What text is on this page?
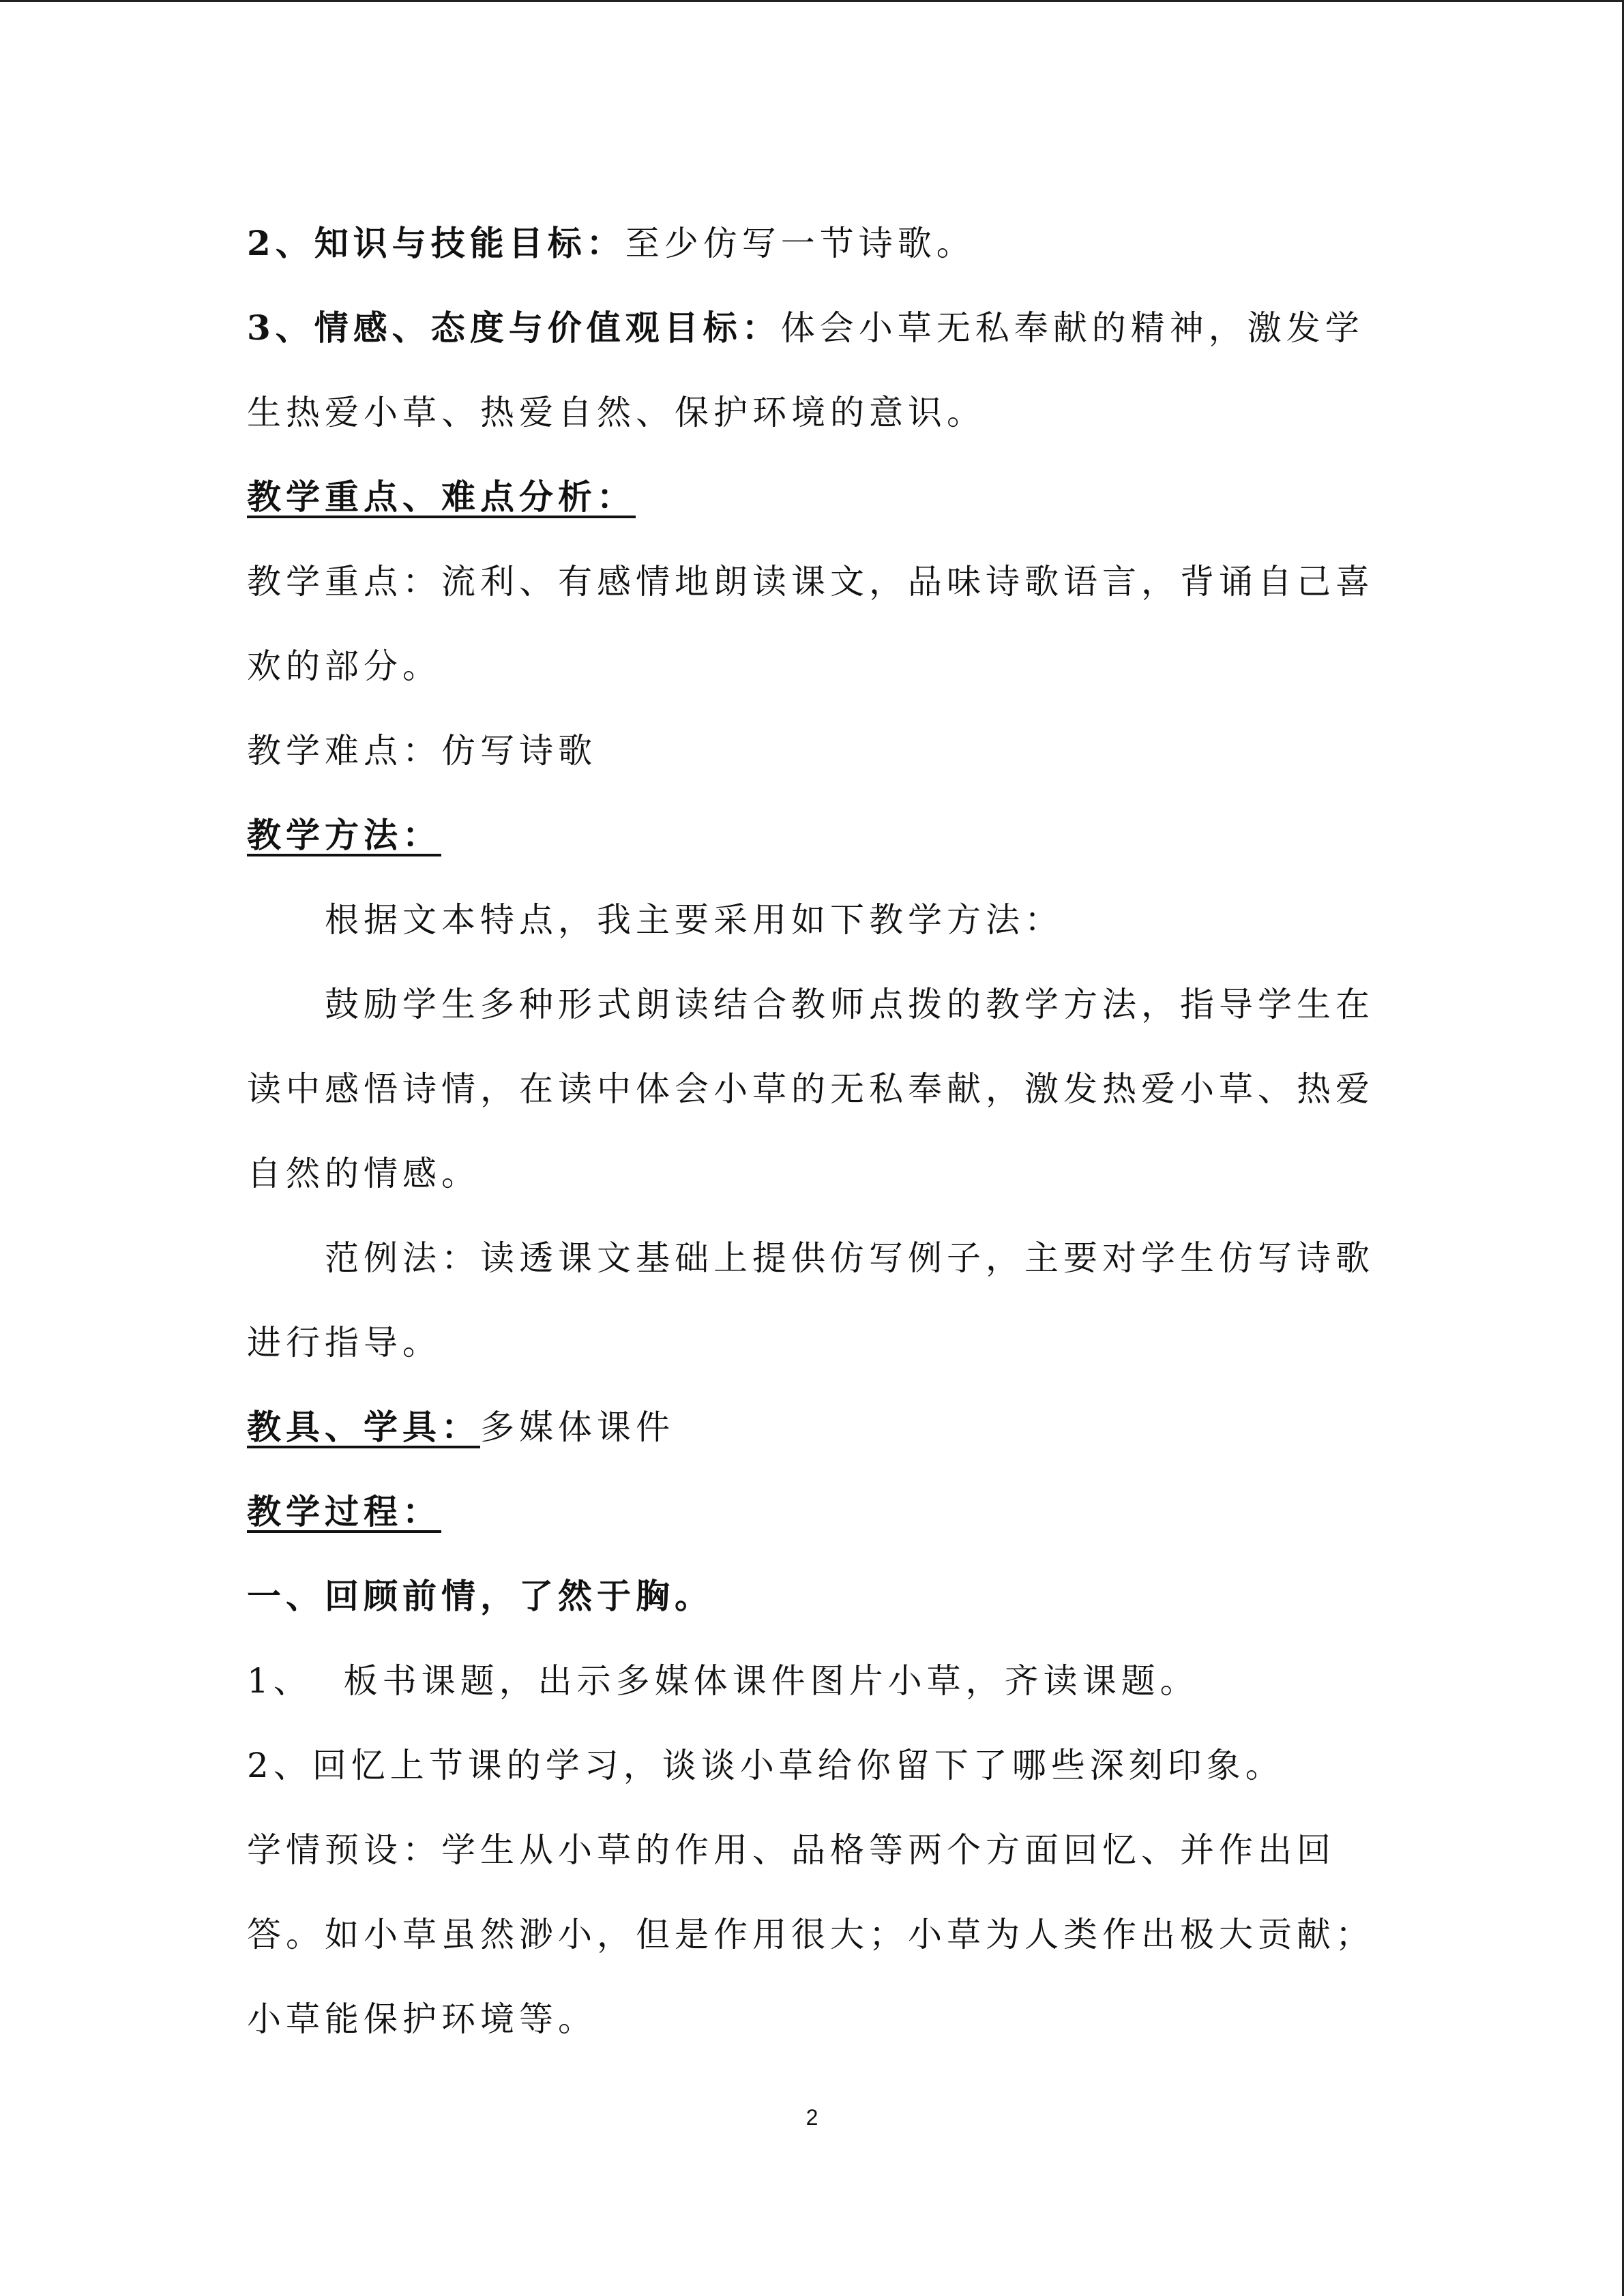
2、知识与技能目标：至少仿写一节诗歌。

3、情感、态度与价值观目标：体会小草无私奉献的精神，激发学生热爱小草、热爱自然、保护环境的意识。

教学重点、难点分析：

教学重点：流利、有感情地朗读课文，品味诗歌语言，背诵自己喜欢的部分。

教学难点：仿写诗歌

教学方法：

根据文本特点，我主要采用如下教学方法：

鼓励学生多种形式朗读结合教师点拨的教学方法，指导学生在读中感悟诗情，在读中体会小草的无私奉献，激发热爱小草、热爱自然的情感。

范例法：读透课文基础上提供仿写例子，主要对学生仿写诗歌进行指导。

教具、学具：多媒体课件

教学过程：

一、回顾前情，了然于胸。

1、  板书课题，出示多媒体课件图片小草，齐读课题。

2、回忆上节课的学习，谈谈小草给你留下了哪些深刻印象。

学情预设：学生从小草的作用、品格等两个方面回忆、并作出回答。如小草虽然渺小，但是作用很大；小草为人类作出极大贡献；小草能保护环境等。

2
